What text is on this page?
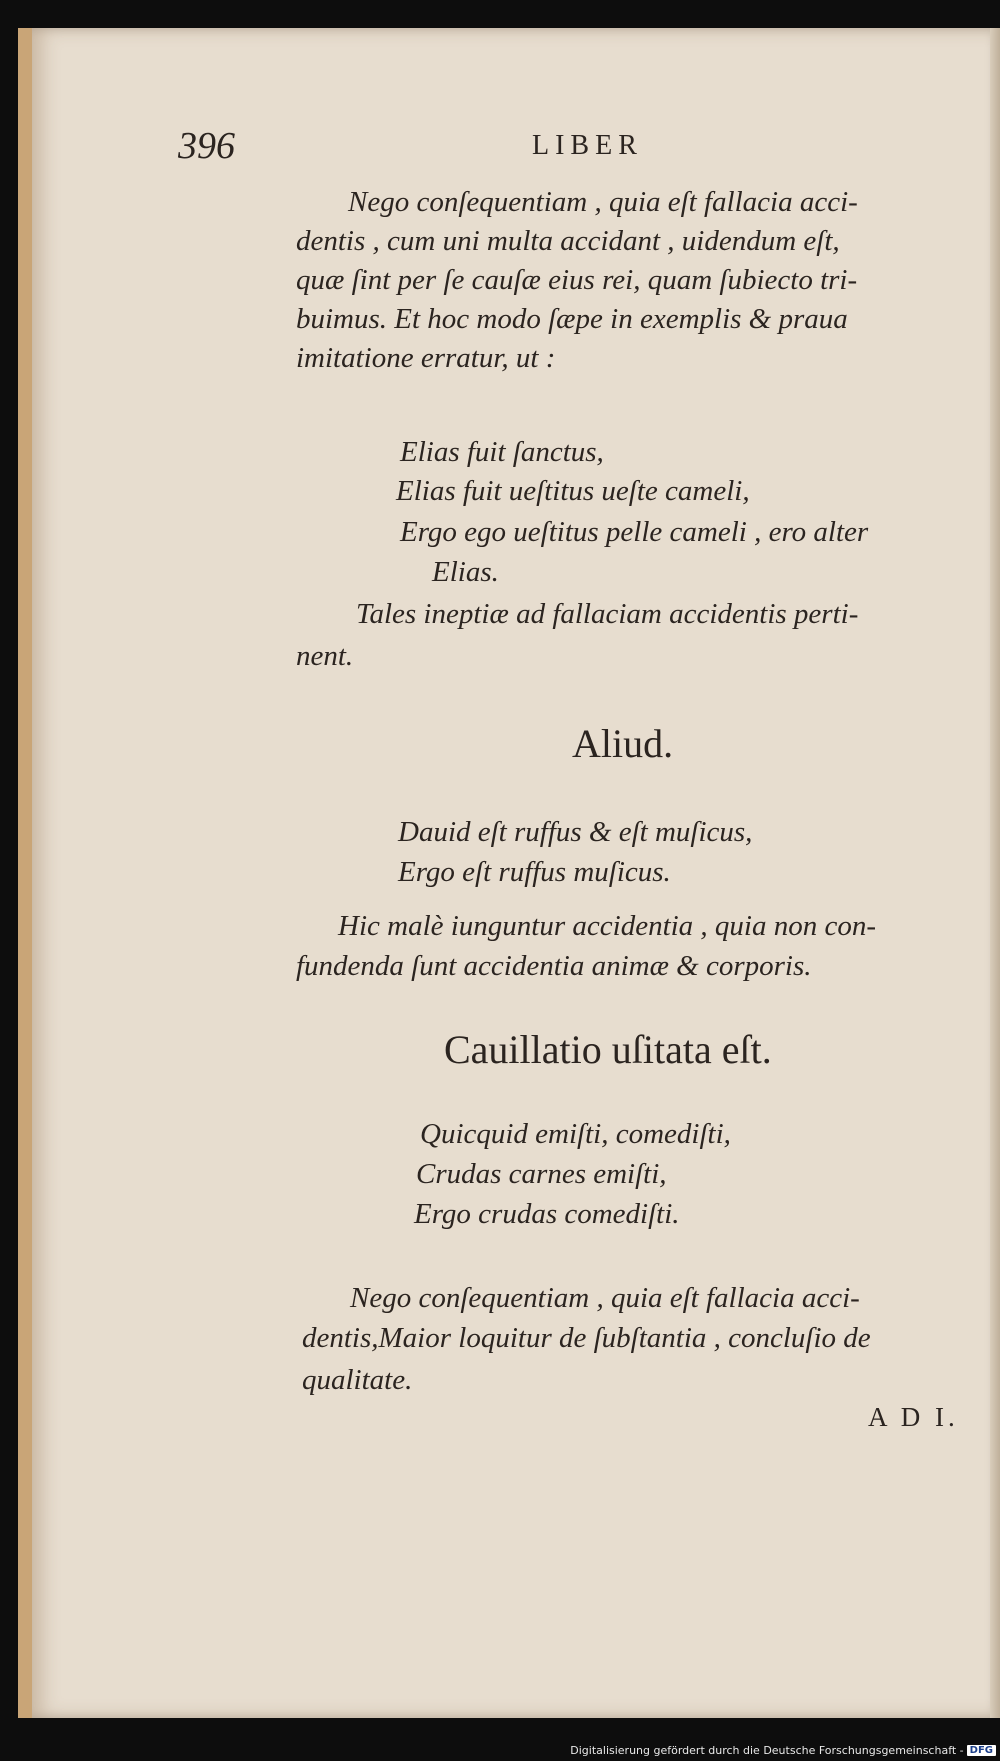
396	LIBER
Nego conſequentiam , quia eſt fallacia acci-
dentis , cum uni multa accidant , uidendum eſt,
quæ ſint per ſe cauſæ eius rei, quam ſubiecto tri-
buimus. Et hoc modo ſæpe in exemplis & praua
imitatione erratur, ut :
Elias fuit ſanctus,
Elias fuit ueſtitus ueſte cameli,
Ergo ego ueſtitus pelle cameli , ero alter
Elias.
Tales ineptiæ ad fallaciam accidentis perti-
nent.
Aliud.
Dauid eſt ruffus & eſt muſicus,
Ergo eſt ruffus muſicus.
Hic malè iunguntur accidentia , quia non con-
fundenda ſunt accidentia animæ & corporis.
Cauillatio uſitata eſt.
Quicquid emiſti, comediſti,
Crudas carnes emiſti,
Ergo crudas comediſti.
Nego conſequentiam , quia eſt fallacia acci-
dentis,Maior loquitur de ſubſtantia , concluſio de
qualitate.
A D I.
Digitalisierung gefördert durch die Deutsche Forschungsgemeinschaft - DFG
